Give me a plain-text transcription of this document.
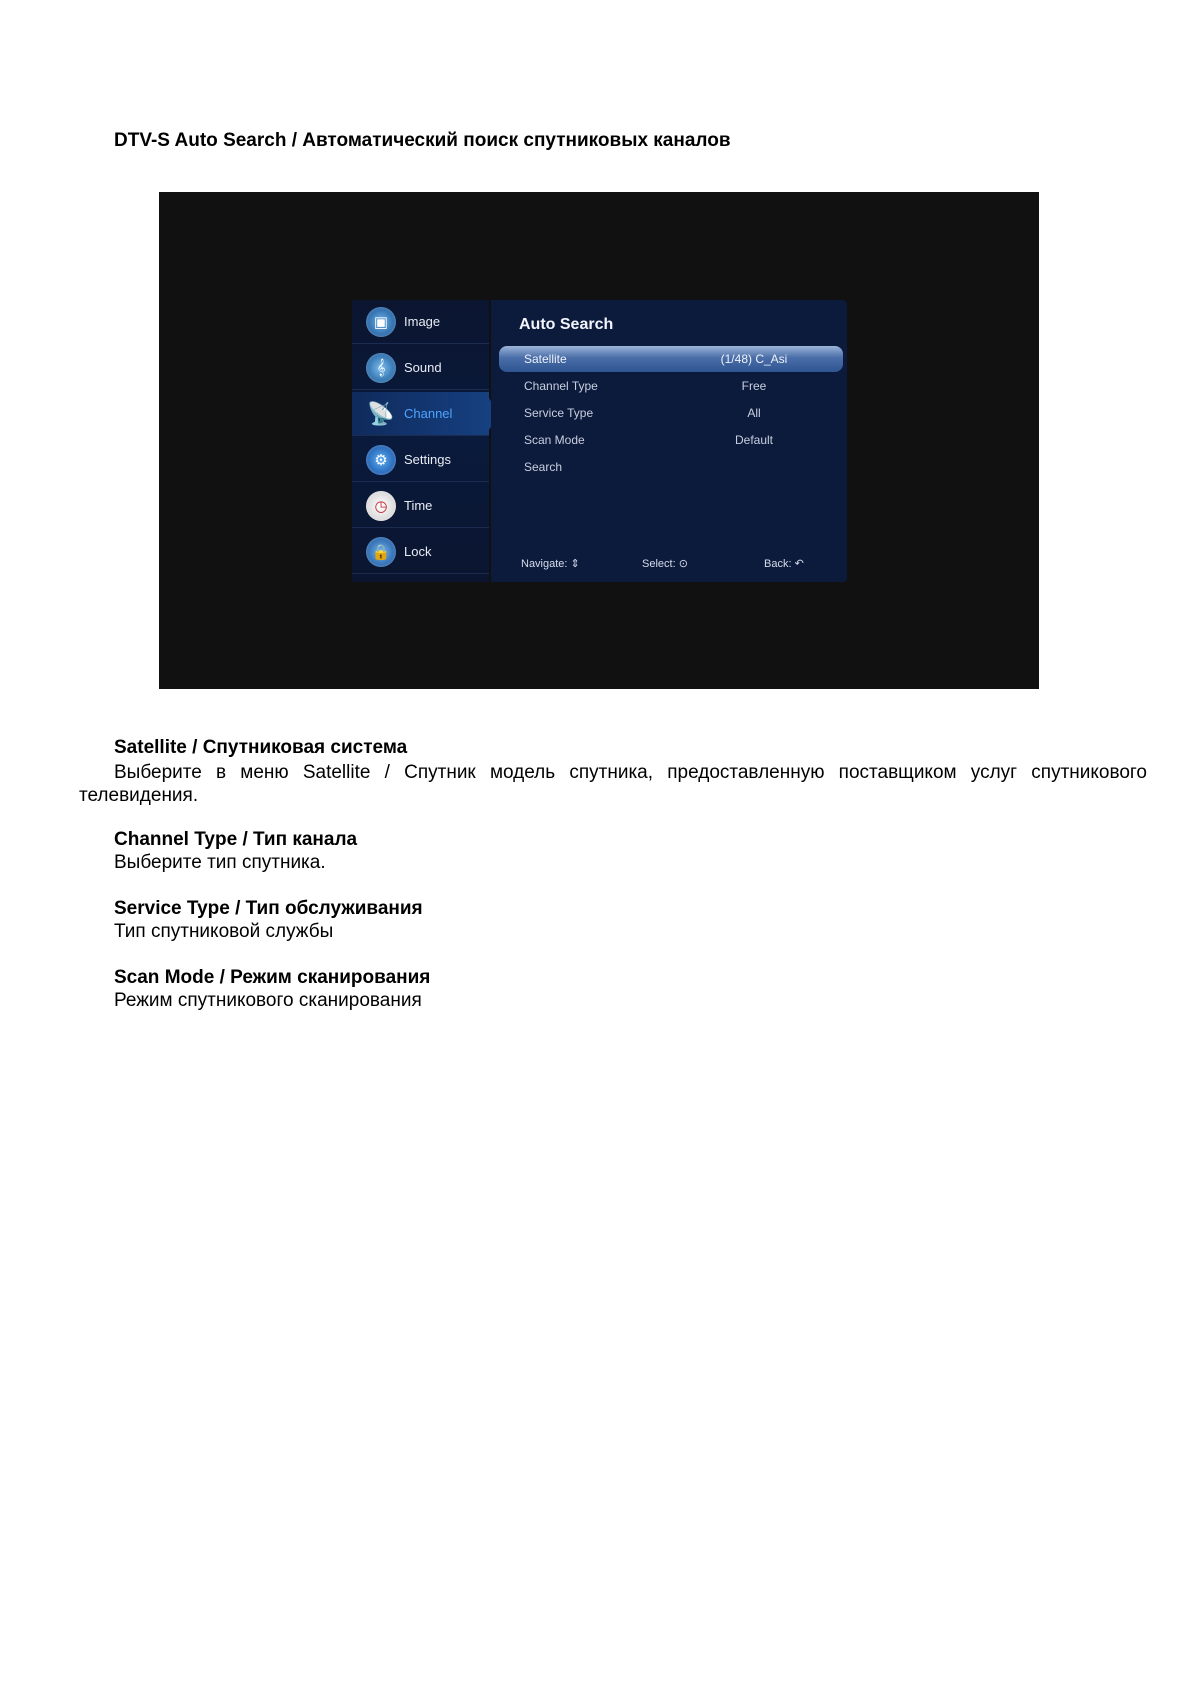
DTV-S Auto Search / Автоматический поиск спутниковых каналов
▣	Image
𝄞	Sound
📡 Channel
⚙	Settings
◷	Time
🔒	Lock
Auto Search
Satellite	(1/48) C_Asi
Channel Type	Free
Service Type	All
Scan Mode	Default
Search
Navigate: ⇕	Select: ⊙	Back: ↶
Satellite / Спутниковая система
Выберите в меню Satellite / Спутник модель спутника, предоставленную поставщиком услуг спутникового
телевидения.
Channel Type / Тип канала
Выберите тип спутника.
Service Type / Тип обслуживания
Тип спутниковой службы
Scan Mode / Режим сканирования
Режим спутникового сканирования
